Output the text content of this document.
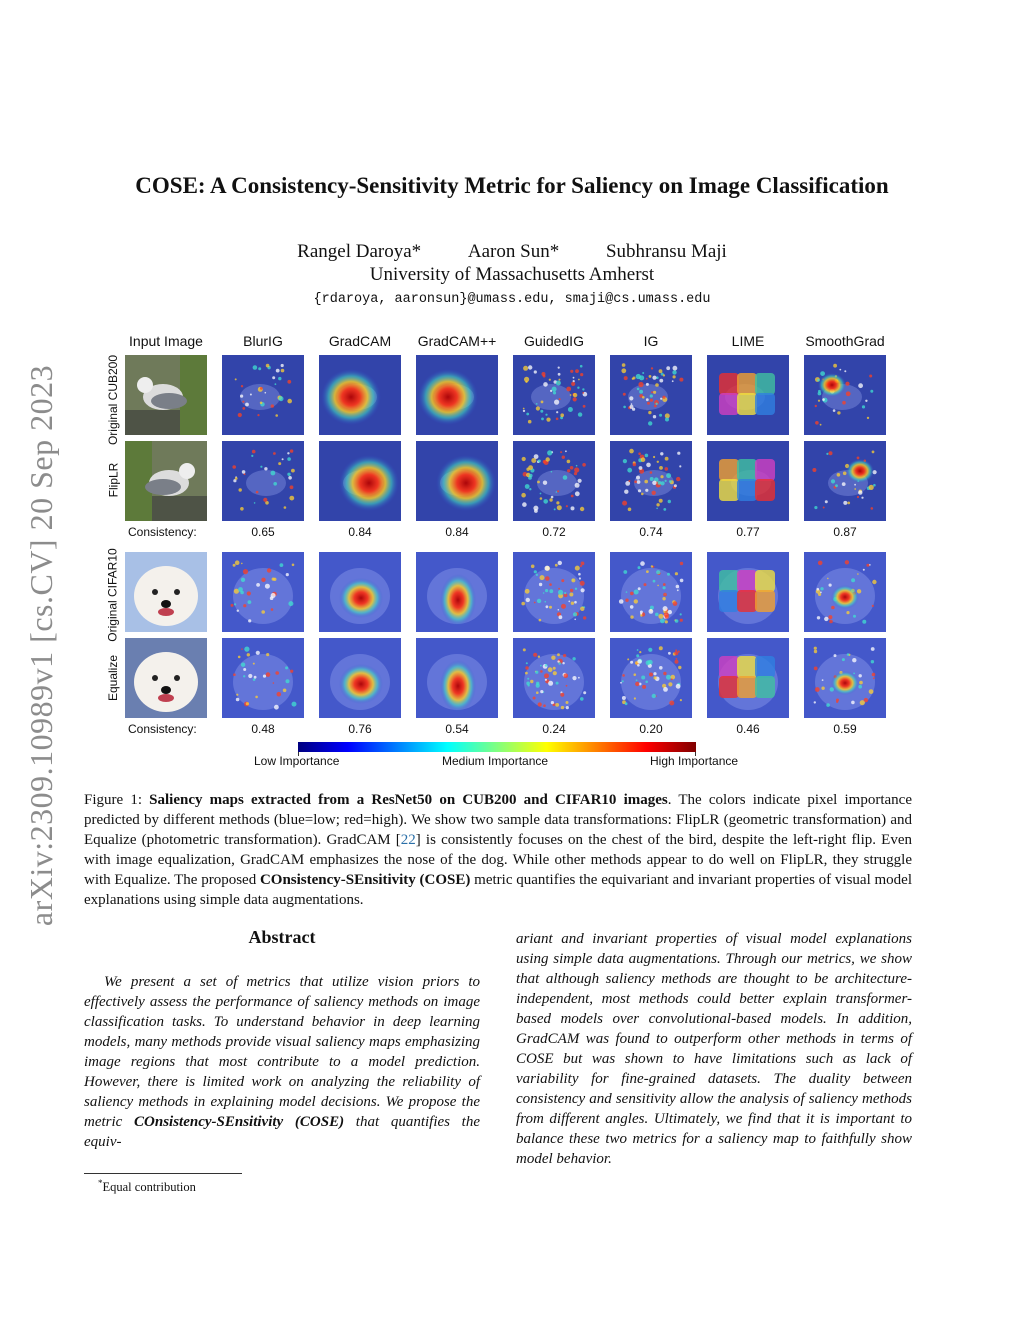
arXiv:2309.10989v1 [cs.CV] 20 Sep 2023
COSE: A Consistency-Sensitivity Metric for Saliency on Image Classification
Rangel Daroya* Aaron Sun* Subhransu Maji
University of Massachusetts Amherst
{rdaroya, aaronsun}@umass.edu, smaji@cs.umass.edu
Input Image	BlurIG	GradCAM	GradCAM++	GuidedIG	IG	LIME	SmoothGrad
Original CUB200
FlipLR
Original CIFAR10
Equalize
Consistency:	0.65	0.84	0.84	0.72	0.74	0.77	0.87
Consistency:	0.48	0.76	0.54	0.24	0.20	0.46	0.59
Low Importance	Medium Importance	High Importance
Figure 1: Saliency maps extracted from a ResNet50 on CUB200 and CIFAR10 images. The colors indicate pixel importance predicted by different methods (blue=low; red=high). We show two sample data transformations: FlipLR (geometric transformation) and Equalize (photometric transformation). GradCAM [22] is consistently focuses on the chest of the bird, despite the left-right flip. Even with image equalization, GradCAM emphasizes the nose of the dog. While other methods appear to do well on FlipLR, they struggle with Equalize. The proposed COnsistency-SEnsitivity (COSE) metric quantifies the equivariant and invariant properties of visual model explanations using simple data augmentations.
Abstract
We present a set of metrics that utilize vision priors to effectively assess the performance of saliency methods on image classification tasks. To understand behavior in deep learning models, many methods provide visual saliency maps emphasizing image regions that most contribute to a model prediction. However, there is limited work on analyzing the reliability of saliency methods in explaining model decisions. We propose the metric COnsistency-SEnsitivity (COSE) that quantifies the equiv-
ariant and invariant properties of visual model explanations using simple data augmentations. Through our metrics, we show that although saliency methods are thought to be architecture-independent, most methods could better explain transformer-based models over convolutional-based models. In addition, GradCAM was found to outperform other methods in terms of COSE but was shown to have limitations such as lack of variability for fine-grained datasets. The duality between consistency and sensitivity allow the analysis of saliency methods from different angles. Ultimately, we find that it is important to balance these two metrics for a saliency map to faithfully show model behavior.
*Equal contribution
